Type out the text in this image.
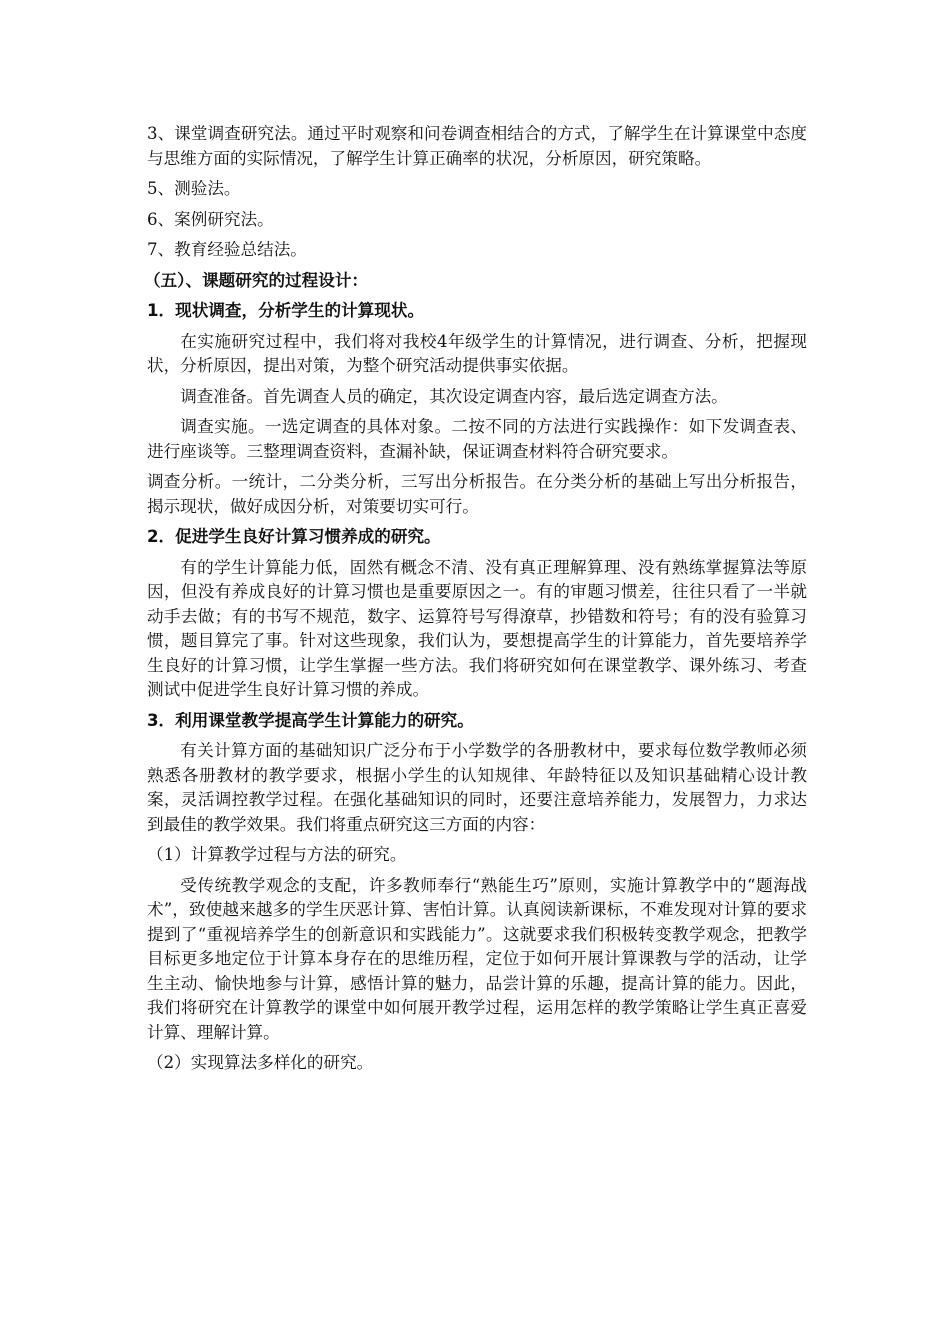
3、课堂调查研究法。通过平时观察和问卷调查相结合的方式，了解学生在计算课堂中态度与思维方面的实际情况，了解学生计算正确率的状况，分析原因，研究策略。

5、测验法。

6、案例研究法。

7、教育经验总结法。

（五）、课题研究的过程设计：

1．现状调查，分析学生的计算现状。

在实施研究过程中，我们将对我校4年级学生的计算情况，进行调查、分析，把握现状，分析原因，提出对策，为整个研究活动提供事实依据。

调查准备。首先调查人员的确定，其次设定调查内容，最后选定调查方法。

调查实施。一选定调查的具体对象。二按不同的方法进行实践操作：如下发调查表、进行座谈等。三整理调查资料，查漏补缺，保证调查材料符合研究要求。

调查分析。一统计，二分类分析，三写出分析报告。在分类分析的基础上写出分析报告，揭示现状，做好成因分析，对策要切实可行。

2．促进学生良好计算习惯养成的研究。

有的学生计算能力低，固然有概念不清、没有真正理解算理、没有熟练掌握算法等原因，但没有养成良好的计算习惯也是重要原因之一。有的审题习惯差，往往只看了一半就动手去做；有的书写不规范，数字、运算符号写得潦草，抄错数和符号；有的没有验算习惯，题目算完了事。针对这些现象，我们认为，要想提高学生的计算能力，首先要培养学生良好的计算习惯，让学生掌握一些方法。我们将研究如何在课堂教学、课外练习、考查测试中促进学生良好计算习惯的养成。

3．利用课堂教学提高学生计算能力的研究。

有关计算方面的基础知识广泛分布于小学数学的各册教材中，要求每位数学教师必须熟悉各册教材的教学要求，根据小学生的认知规律、年龄特征以及知识基础精心设计教案，灵活调控教学过程。在强化基础知识的同时，还要注意培养能力，发展智力，力求达到最佳的教学效果。我们将重点研究这三方面的内容：

（1）计算教学过程与方法的研究。

受传统教学观念的支配，许多教师奉行“熟能生巧”原则，实施计算教学中的“题海战术”，致使越来越多的学生厌恶计算、害怕计算。认真阅读新课标，不难发现对计算的要求提到了“重视培养学生的创新意识和实践能力”。这就要求我们积极转变教学观念，把教学目标更多地定位于计算本身存在的思维历程，定位于如何开展计算课教与学的活动，让学生主动、愉快地参与计算，感悟计算的魅力，品尝计算的乐趣，提高计算的能力。因此，我们将研究在计算教学的课堂中如何展开教学过程，运用怎样的教学策略让学生真正喜爱计算、理解计算。

（2）实现算法多样化的研究。
